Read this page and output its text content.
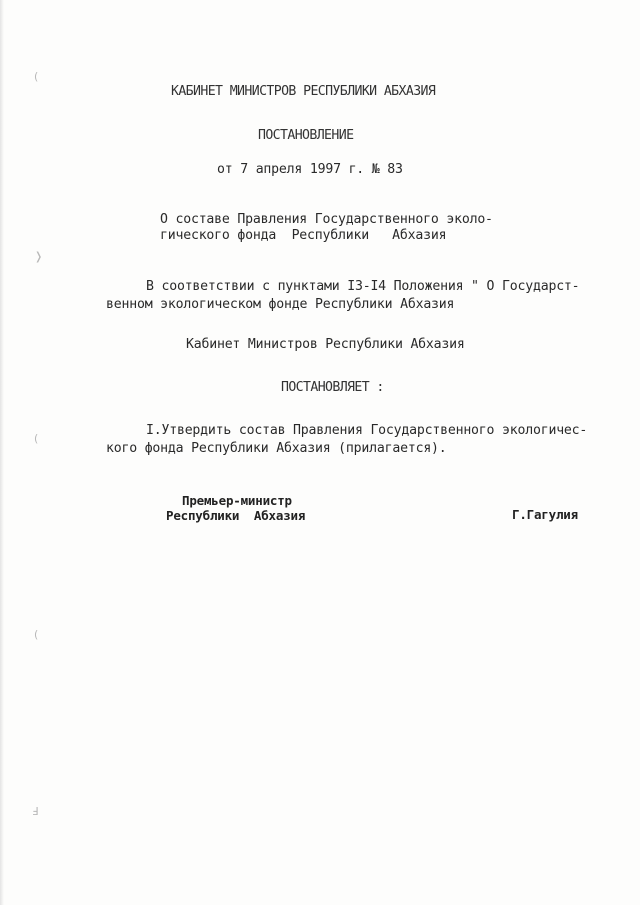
(
❭
(
(
Ⅎ
КАБИНЕТ МИНИСТРОВ РЕСПУБЛИКИ АБХАЗИЯ
ПОСТАНОВЛЕНИЕ
от 7 апреля 1997 г. № 83
О составе Правления Государственного эколо-
гического фонда  Республики   Абхазия
В соответствии с пунктами I3-I4 Положения " О Государст-
венном экологическом фонде Республики Абхазия
Кабинет Министров Республики Абхазия
ПОСТАНОВЛЯЕТ :
I.Утвердить состав Правления Государственного экологичес-
кого фонда Республики Абхазия (прилагается).
Премьер-министр
Республики  Абхазия	Г.Гагулия
